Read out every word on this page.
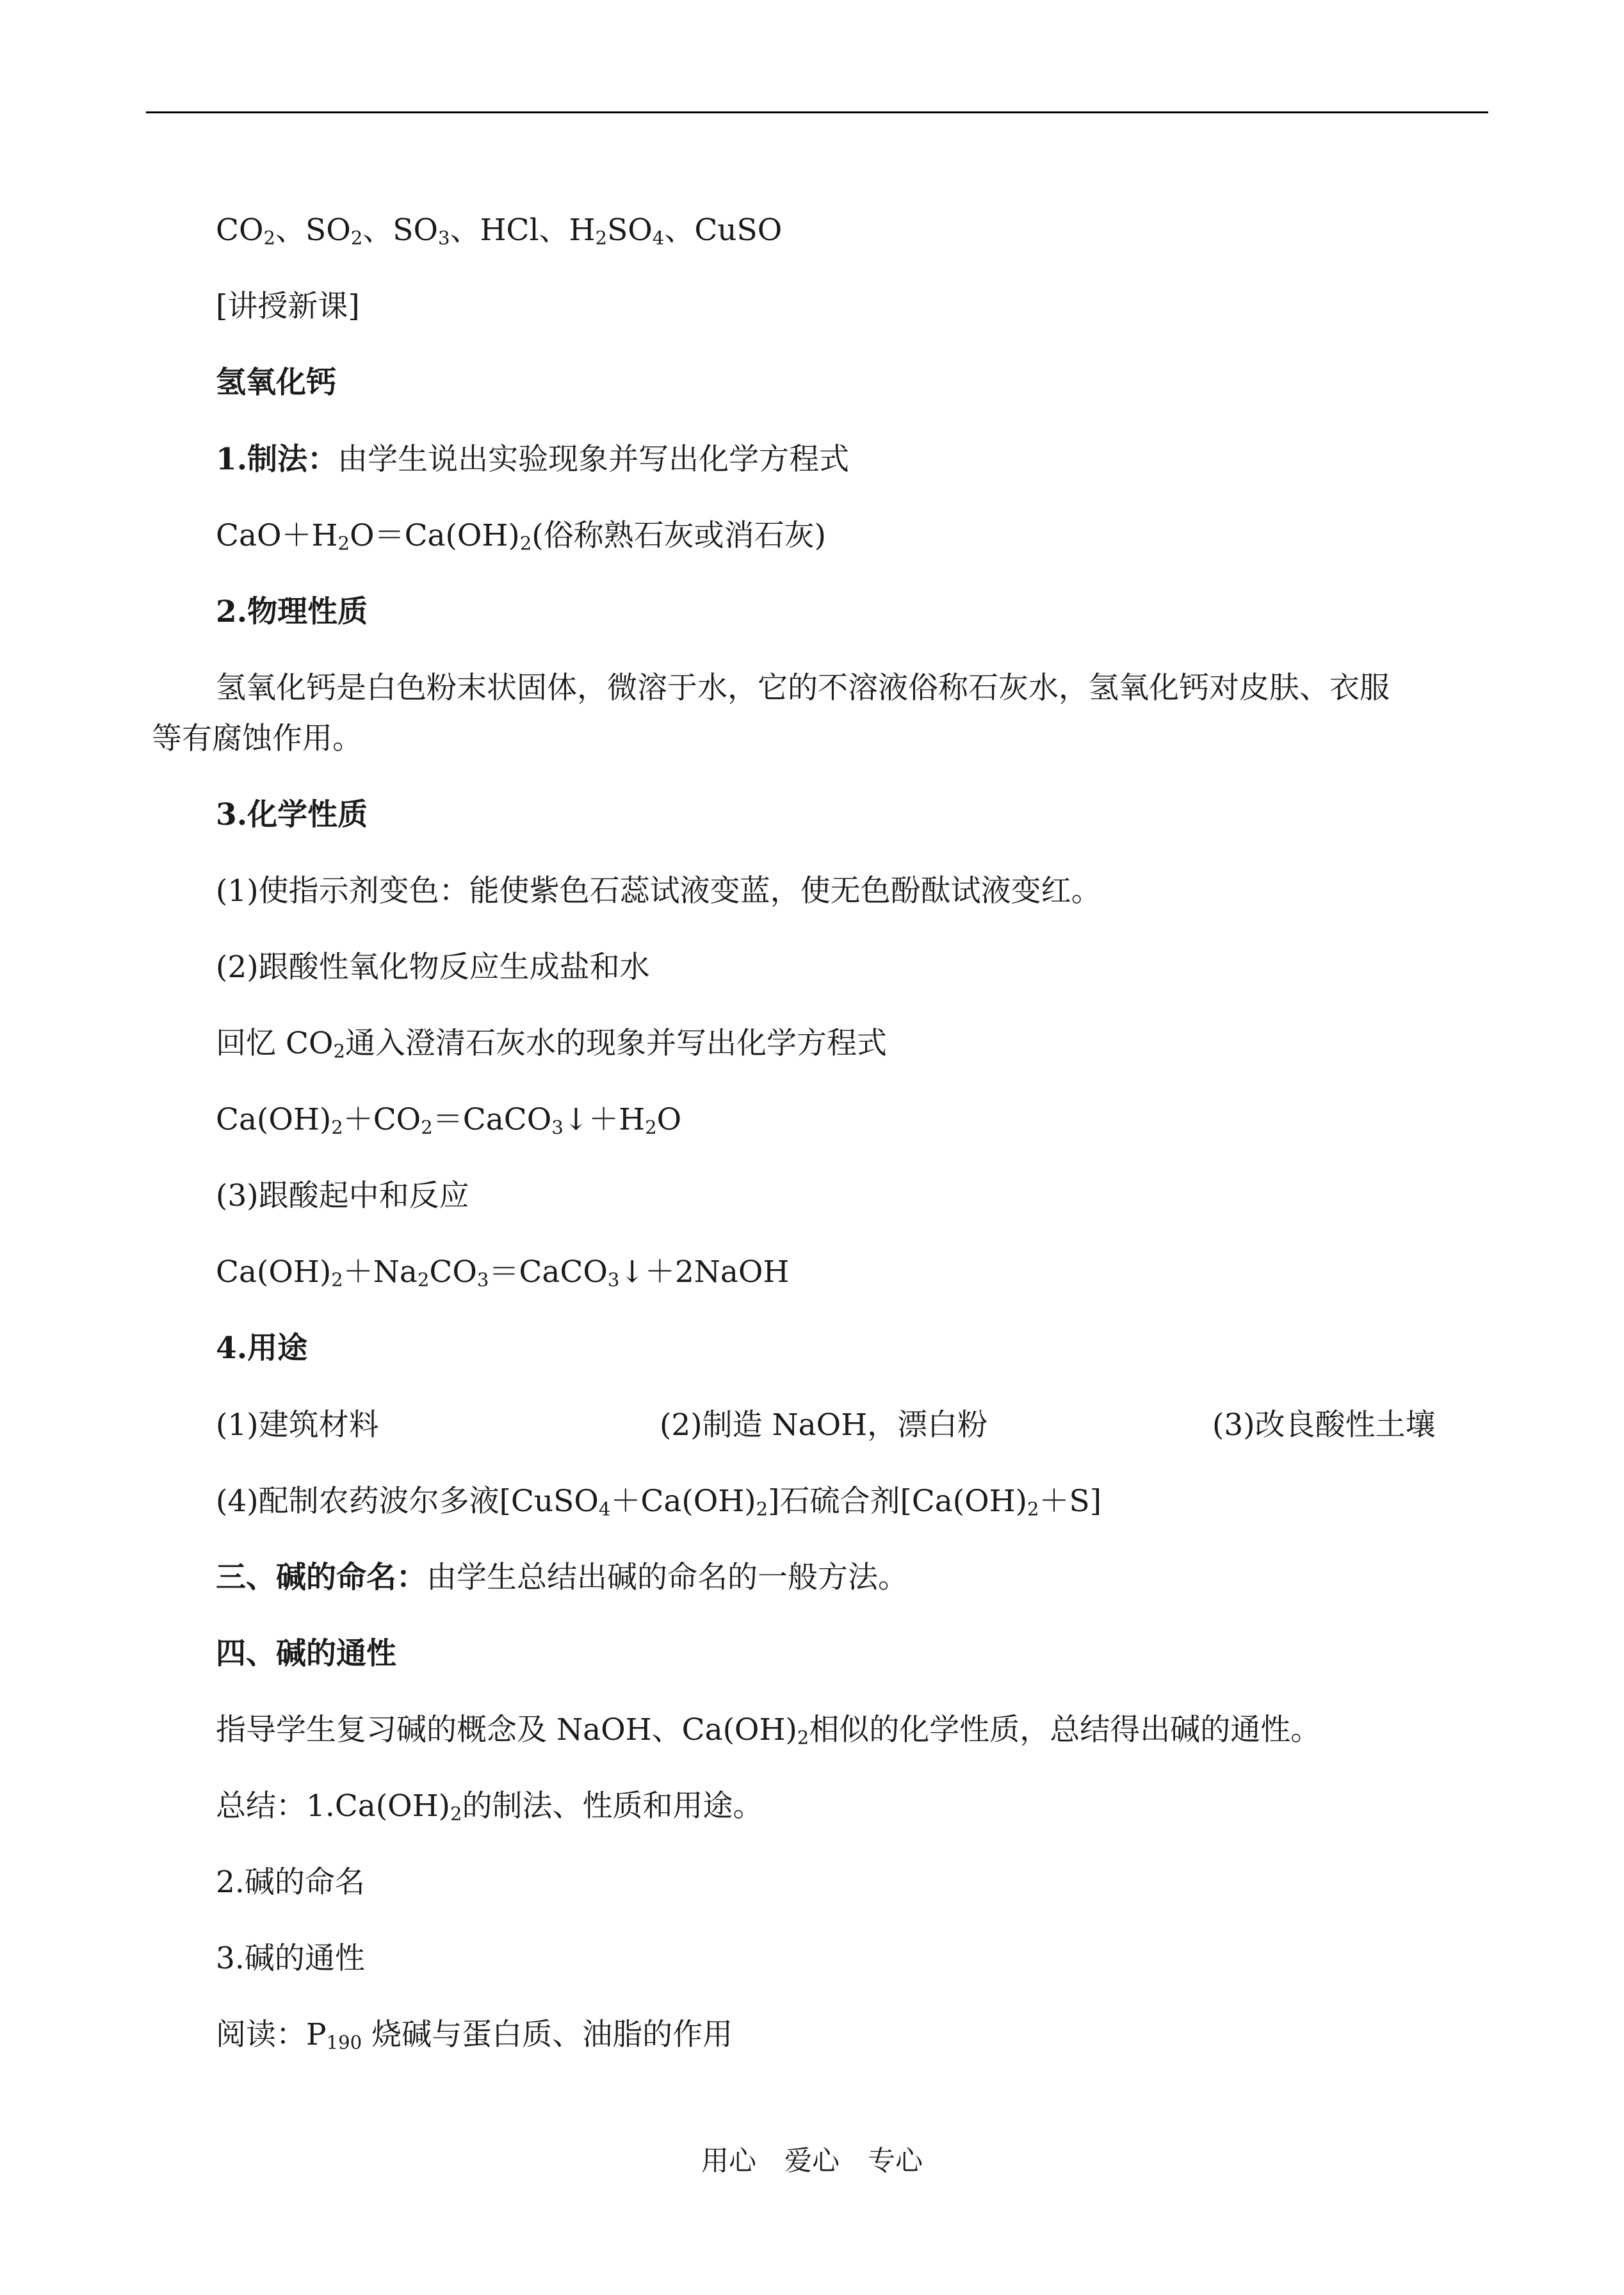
$CO_2$、$SO_2$、$SO_3$、HCl、$H_2SO_4$、CuSO
[讲授新课]
氢氧化钙
1.制法：由学生说出实验现象并写出化学方程式
$CaO+H_2O=Ca(OH)_2$(俗称熟石灰或消石灰)
2.物理性质
氢氧化钙是白色粉末状固体，微溶于水，它的不溶液俗称石灰水，氢氧化钙对皮肤、衣服
等有腐蚀作用。
3.化学性质
(1)使指示剂变色：能使紫色石蕊试液变蓝，使无色酚酞试液变红。
(2)跟酸性氧化物反应生成盐和水
回忆 $CO_2$通入澄清石灰水的现象并写出化学方程式
$Ca(OH)_2+CO_2=CaCO_3↓+H_2O$
(3)跟酸起中和反应
$Ca(OH)_2+Na_2CO_3=CaCO_3↓+2NaOH$
4.用途
(1)建筑材料	(2)制造 NaOH，漂白粉	(3)改良酸性土壤
(4)配制农药波尔多液$[CuSO_4+Ca(OH)_2]$石硫合剂$[Ca(OH)_2+S]$
三、碱的命名：由学生总结出碱的命名的一般方法。
四、碱的通性
指导学生复习碱的概念及 NaOH、$Ca(OH)_2$相似的化学性质，总结得出碱的通性。
总结：$1.Ca(OH)_2$的制法、性质和用途。
2.碱的命名
3.碱的通性
阅读：$P_{190}$ 烧碱与蛋白质、油脂的作用
用心 爱心 专心
